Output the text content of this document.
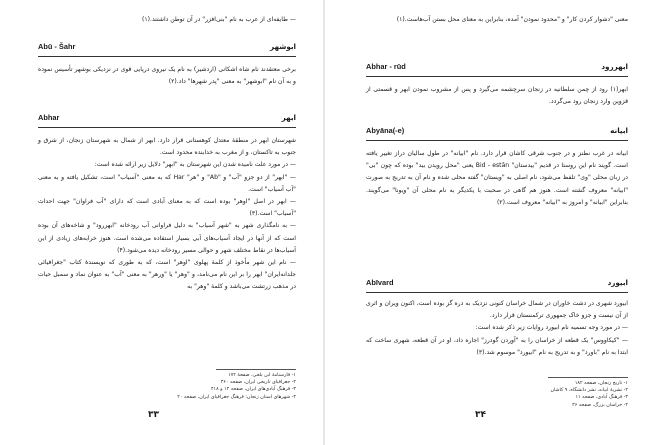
— طایفه‌ای از عرب به نام "بنی‌افزر" در آن توطن داشتند.(۱)

Abū - Šahr	ابوشهر

برخی معتقدند نام شاه اشکانی (اردشیر) به نام یک نیروی دریایی قوی در نزدیکی بوشهر تأسیس نموده و به آن نام "ابوشهر" به معنی "پدر شهرها" داد.(۲)

Abhar	ابهر

شهرستان ابهر در منطقهٔ معتدل کوهستانی قرار دارد. ابهر از شمال به شهرستان زنجان، از شرق و جنوب به تاکستان، و از مغرب به خدابنده محدود است.

— در مورد علت نامیده شدن این شهرستان به "ابهر" دلایل زیر ارائه شده است:

— "ابهر" از دو جزو "آب" و "Ab" و "هر" Har که به معنی "آسیاب" است، تشکیل یافته و به معنی "آب آسیاب" است.

— ابهر در اصل "اوهر" بوده است که به معنای آبادی است که دارای "آب فراوان" جهت احداث "آسیاب" است.(۳)

— به نامگذاری شهر به "شهر آسیاب" به دلیل فراوانی آب رودخانه "ابهررود" و شاخه‌های آن بوده است که از آنها در ایجاد آسیاب‌های آبی بسیار استفاده می‌شده است. هنوز خرابه‌های زیادی از این آسیاب‌ها در نقاط مختلف شهر و حوالی مسیر رودخانه دیده می‌شود.(۴)

— نام این شهر مأخوذ از کلمهٔ پهلوی "اوهر" است، که به طوری که نویسندهٔ کتاب "جغرافیائی جلدانه‌ایران" ابهر را بر این نام می‌نامد، و "وهر" یا "ورهر" به معنی "آب" به عنوان نماد و سمبل حیات در مذهب زرتشت می‌باشد و کلمهٔ "وهر" به

۱- فارسنامهٔ ابن بلخی، صفحهٔ ۱۷۲

۲- جغرافیای تاریخی ایران، صفحه ۳۶۰

۳- فرهنگ آبادی‌های ایران، صفحه ۱۲ و ۴۱۸

۴- شهرهای استان زنجان: فرهنگ جغرافیای ایران، صفحه ۲۰

۳۳

معنی "دشوار کردن کار" و "محدود نمودن" آمده، بنابراین به معنای محل بستن آب‌هاست.(۱)

Abhar - rūd	ابهررود

ابهر(۱) رود از چمن سلطانیه در زنجان سرچشمه می‌گیرد و پس از مشروب نمودن ابهر و قسمتی از قزوین وارد زنجان رود می‌گردد.

Abyāna(-e)	ابیانه

ابیانه در غرب نطنز و در جنوب شرقی کاشان قرار دارد. نام "ابیانه" در طول سالیان دراز تغییر یافته است. گویند نام این روستا در قدیم "بیدستان" Bid - estān یعنی "محل رویدن بید" بوده که چون "بی" در زبان محلی "وی" تلفظ می‌شود، نام اصلی به "ویستان" گفته محلی شده و نام آن به تدریج به صورت "ابیانه" معروف گشته است. هنوز هم گاهی در صحبت با یکدیگر به نام محلی آن "ویونا" می‌گویند. بنابراین "ابیانه" و امروز به "ابیانه" معروف است.(۲)

Abīvard	ابیورد

ابیورد شهری در دشت خاوران در شمال خراسان کنونی نزدیک به دره گز بوده است، اکنون ویران و اثری از آن نیست و جزو خاک جمهوری ترکمنستان قرار دارد.

— در مورد وجه تسمیه نام ابیورد روایات زیر ذکر شده است:

— "کیکاووس" یک قطعه از خراسان را به "آوردن گودرز" اجاره داد، او در آن قطعه، شهری ساخت که ابتدا به نام "باورد" و به تدریج به نام "ابیورد" موسوم شد.(۳)

۱- تاریخ زنجان، صفحه ۱۸۲

۲- نشریهٔ ابیانه، نشر دانشگاه، ۹ کاشان

۳- فرهنگ آبادی، صفحه ۱۱

۴- خراسان بزرگ، صفحه ۳۶

۳۴
